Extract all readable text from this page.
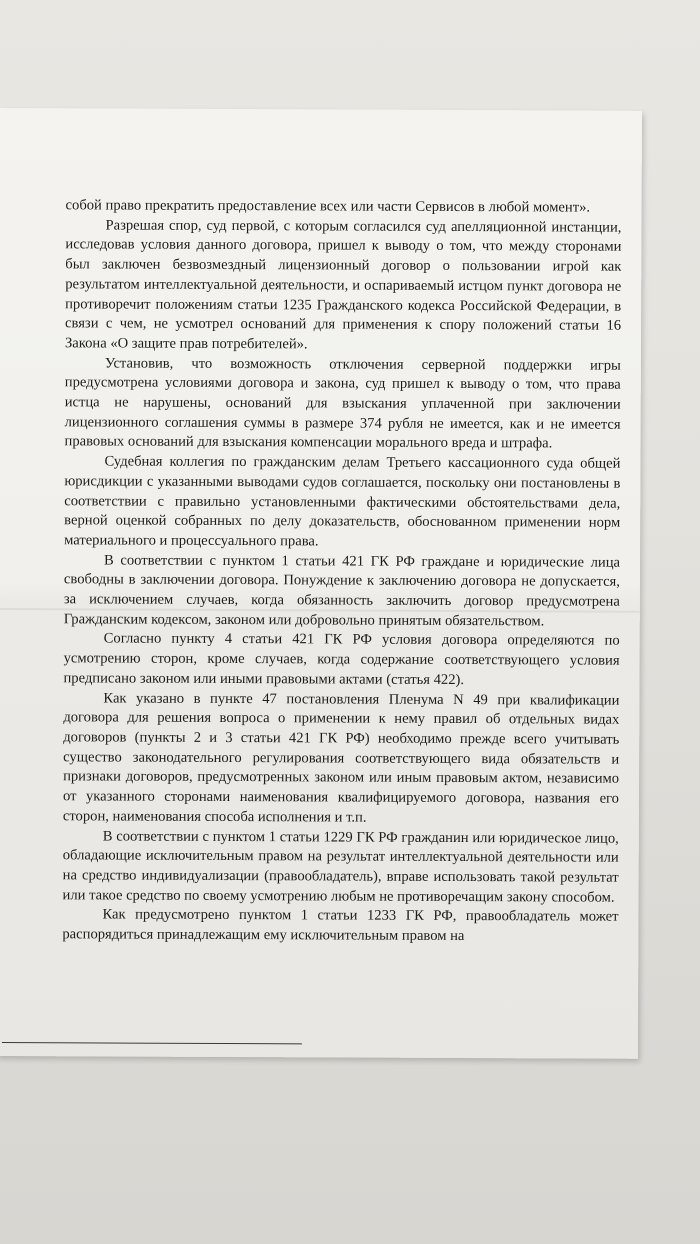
собой право прекратить предоставление всех или части Сервисов в любой момент».

Разрешая спор, суд первой, с которым согласился суд апелляционной инстанции, исследовав условия данного договора, пришел к выводу о том, что между сторонами был заключен безвозмездный лицензионный договор о пользовании игрой как результатом интеллектуальной деятельности, и оспариваемый истцом пункт договора не противоречит положениям статьи 1235 Гражданского кодекса Российской Федерации, в связи с чем, не усмотрел оснований для применения к спору положений статьи 16 Закона «О защите прав потребителей».

Установив, что возможность отключения серверной поддержки игры предусмотрена условиями договора и закона, суд пришел к выводу о том, что права истца не нарушены, оснований для взыскания уплаченной при заключении лицензионного соглашения суммы в размере 374 рубля не имеется, как и не имеется правовых оснований для взыскания компенсации морального вреда и штрафа.

Судебная коллегия по гражданским делам Третьего кассационного суда общей юрисдикции с указанными выводами судов соглашается, поскольку они постановлены в соответствии с правильно установленными фактическими обстоятельствами дела, верной оценкой собранных по делу доказательств, обоснованном применении норм материального и процессуального права.

В соответствии с пунктом 1 статьи 421 ГК РФ граждане и юридические лица свободны в заключении договора. Понуждение к заключению договора не допускается, за исключением случаев, когда обязанность заключить договор предусмотрена Гражданским кодексом, законом или добровольно принятым обязательством.

Согласно пункту 4 статьи 421 ГК РФ условия договора определяются по усмотрению сторон, кроме случаев, когда содержание соответствующего условия предписано законом или иными правовыми актами (статья 422).

Как указано в пункте 47 постановления Пленума N 49 при квалификации договора для решения вопроса о применении к нему правил об отдельных видах договоров (пункты 2 и 3 статьи 421 ГК РФ) необходимо прежде всего учитывать существо законодательного регулирования соответствующего вида обязательств и признаки договоров, предусмотренных законом или иным правовым актом, независимо от указанного сторонами наименования квалифицируемого договора, названия его сторон, наименования способа исполнения и т.п.

В соответствии с пунктом 1 статьи 1229 ГК РФ гражданин или юридическое лицо, обладающие исключительным правом на результат интеллектуальной деятельности или на средство индивидуализации (правообладатель), вправе использовать такой результат или такое средство по своему усмотрению любым не противоречащим закону способом.

Как предусмотрено пунктом 1 статьи 1233 ГК РФ, правообладатель может распорядиться принадлежащим ему исключительным правом на
